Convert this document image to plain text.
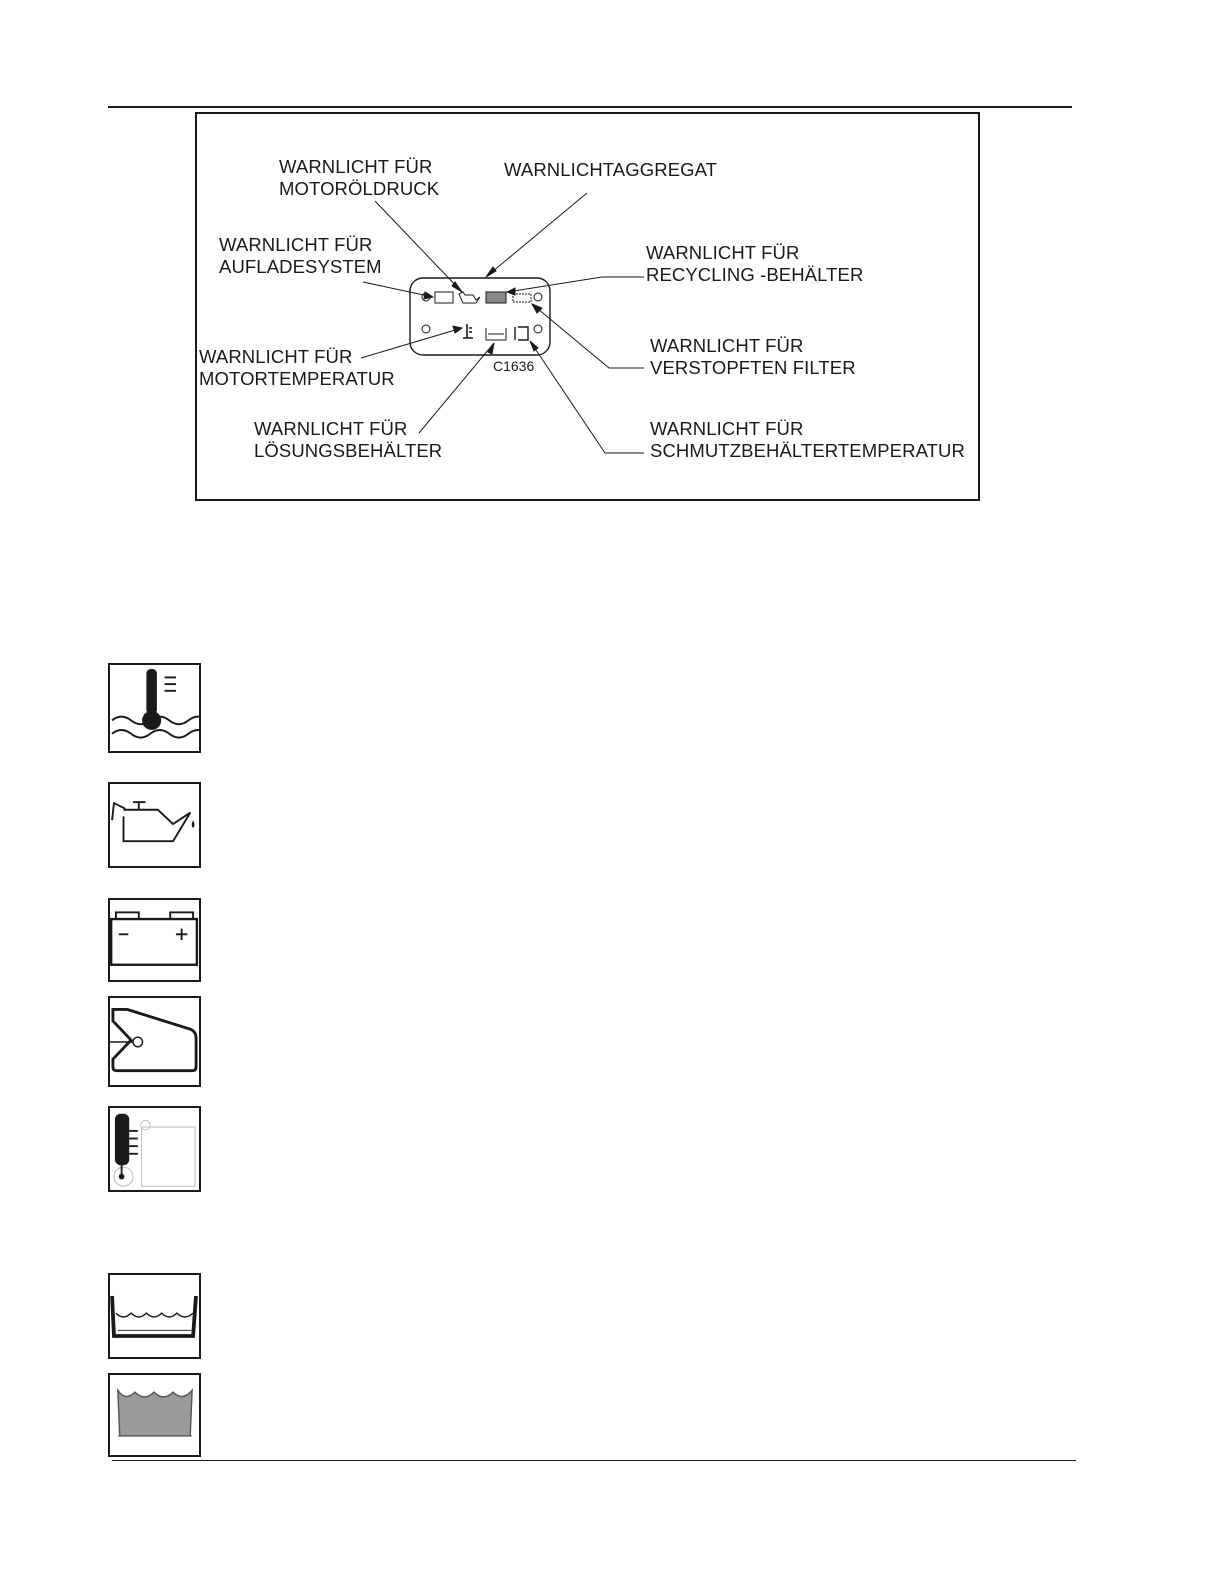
WARNLICHT FÜR
MOTORÖLDRUCK
WARNLICHTAGGREGAT
WARNLICHT FÜR
AUFLADESYSTEM
WARNLICHT FÜR
RECYCLING -BEHÄLTER
WARNLICHT FÜR
MOTORTEMPERATUR
WARNLICHT FÜR
VERSTOPFTEN FILTER
WARNLICHT FÜR
LÖSUNGSBEHÄLTER
WARNLICHT FÜR
SCHMUTZBEHÄLTERTEMPERATUR
C1636
